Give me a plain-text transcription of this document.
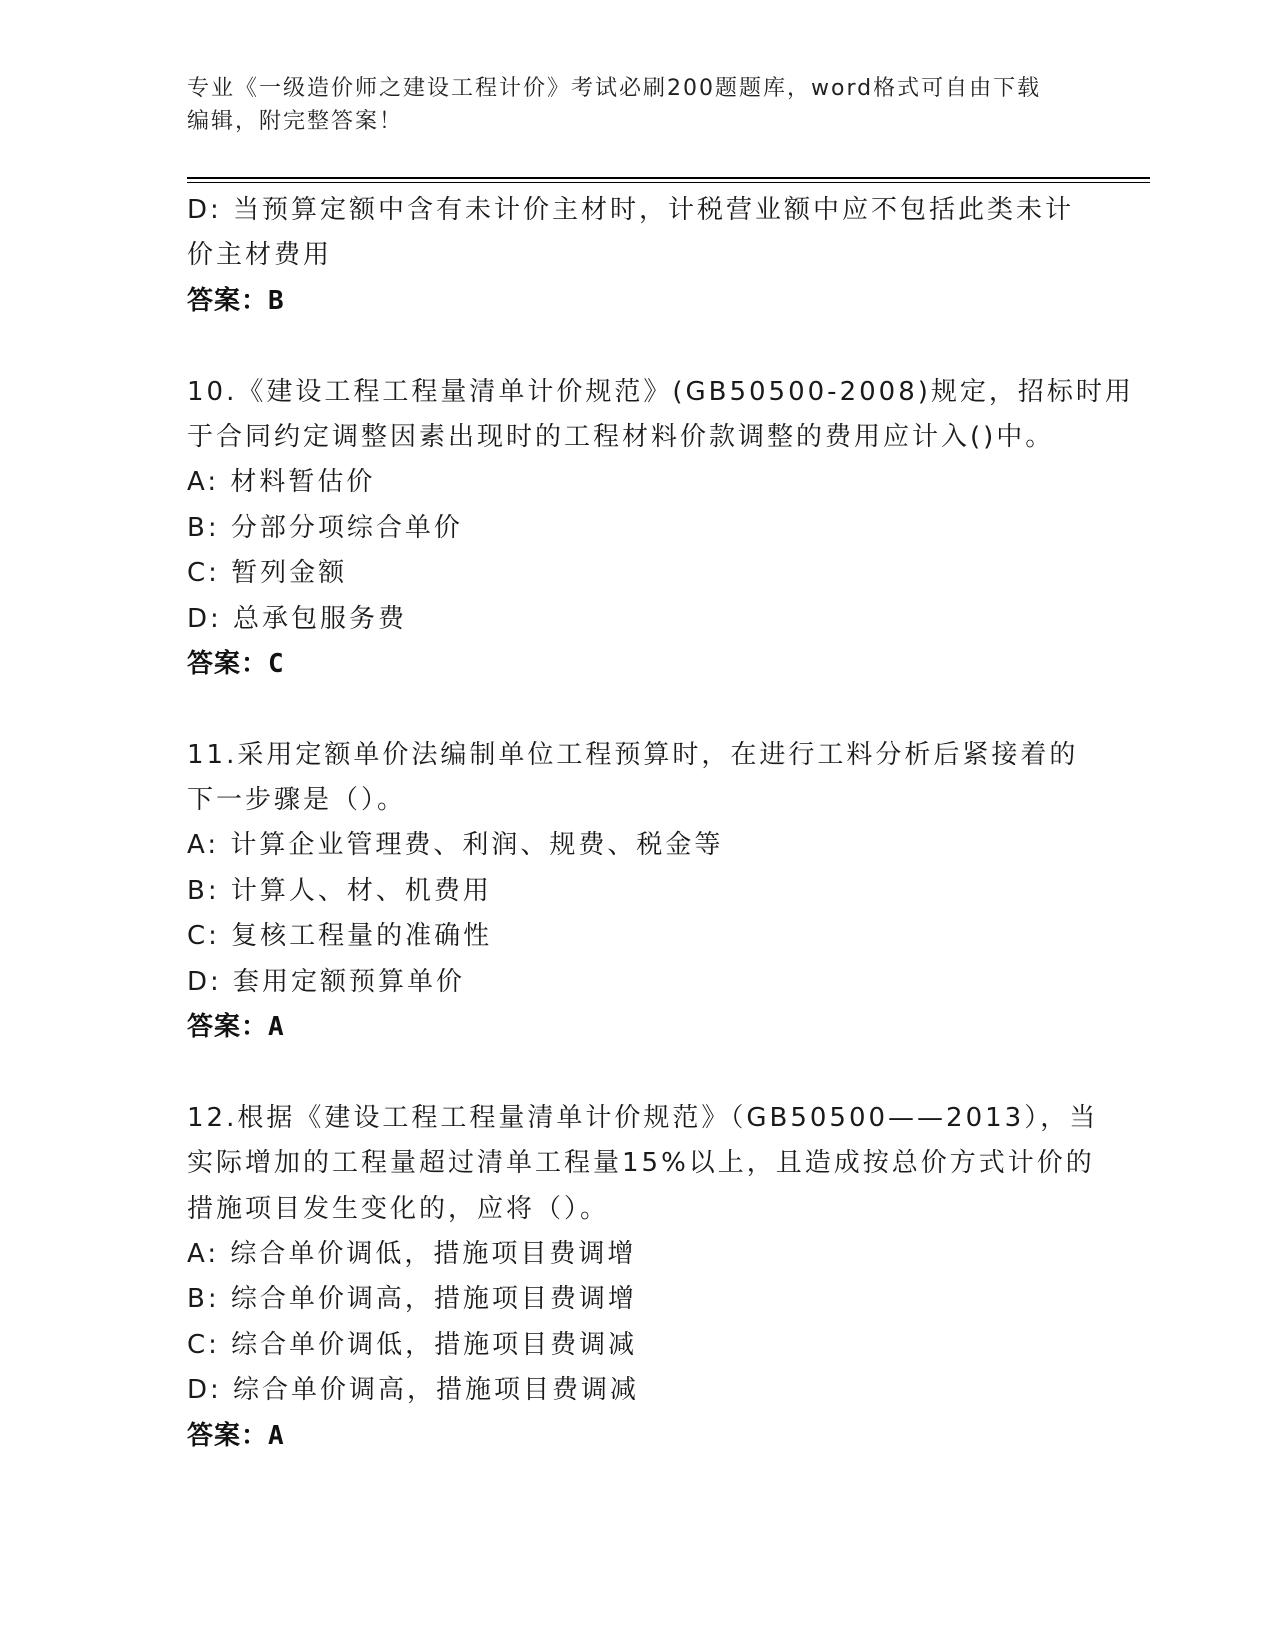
专业《一级造价师之建设工程计价》考试必刷200题题库，word格式可自由下载
编辑，附完整答案！
D: 当预算定额中含有未计价主材时，计税营业额中应不包括此类未计
价主材费用
答案：B
10.《建设工程工程量清单计价规范》(GB50500-2008)规定，招标时用
于合同约定调整因素出现时的工程材料价款调整的费用应计入()中。
A: 材料暂估价
B: 分部分项综合单价
C: 暂列金额
D: 总承包服务费
答案：C
11.采用定额单价法编制单位工程预算时，在进行工料分析后紧接着的
下一步骤是（）。
A: 计算企业管理费、利润、规费、税金等
B: 计算人、材、机费用
C: 复核工程量的准确性
D: 套用定额预算单价
答案：A
12.根据《建设工程工程量清单计价规范》（GB50500——2013），当
实际增加的工程量超过清单工程量15%以上，且造成按总价方式计价的
措施项目发生变化的，应将（）。
A: 综合单价调低，措施项目费调增
B: 综合单价调高，措施项目费调增
C: 综合单价调低，措施项目费调减
D: 综合单价调高，措施项目费调减
答案：A
